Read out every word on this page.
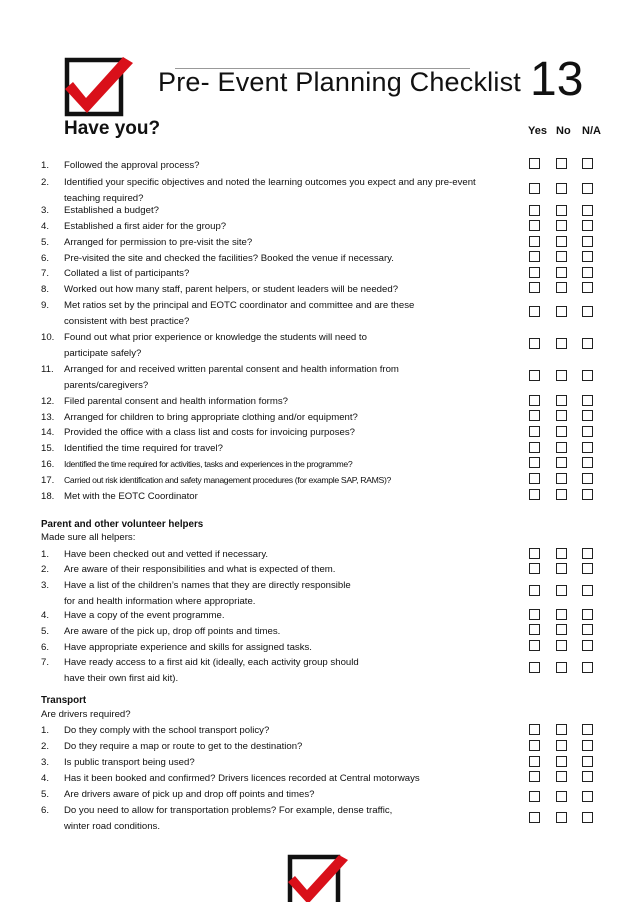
Pre- Event Planning Checklist 13
Have you?	Yes No N/A
1. Followed the approval process?
2. Identified your specific objectives and noted the learning outcomes you expect and any pre-event
teaching required?
3. Established a budget?
4. Established a first aider for the group?
5. Arranged for permission to pre-visit the site?
6. Pre-visited the site and checked the facilities? Booked the venue if necessary.
7. Collated a list of participants?
8. Worked out how many staff, parent helpers, or student leaders will be needed?
9. Met ratios set by the principal and EOTC coordinator and committee and are these
consistent with best practice?
10. Found out what prior experience or knowledge the students will need to
participate safely?
11. Arranged for and received written parental consent and health information from
parents/caregivers?
12. Filed parental consent and health information forms?
13. Arranged for children to bring appropriate clothing and/or equipment?
14. Provided the office with a class list and costs for invoicing purposes?
15. Identified the time required for travel?
16. Identified the time required for activities, tasks and experiences in the programme?
17. Carried out risk identification and safety management procedures (for example SAP, RAMS)?
18. Met with the EOTC Coordinator
Parent and other volunteer helpers
Made sure all helpers:
1. Have been checked out and vetted if necessary.
2. Are aware of their responsibilities and what is expected of them.
3. Have a list of the children’s names that they are directly responsible
for and health information where appropriate.
4. Have a copy of the event programme.
5. Are aware of the pick up, drop off points and times.
6. Have appropriate experience and skills for assigned tasks.
7. Have ready access to a first aid kit (ideally, each activity group should
have their own first aid kit).
Transport
Are drivers required?
1. Do they comply with the school transport policy?
2. Do they require a map or route to get to the destination?
3. Is public transport being used?
4. Has it been booked and confirmed? Drivers licences recorded at Central motorways
5. Are drivers aware of pick up and drop off points and times?
6. Do you need to allow for transportation problems? For example, dense traffic,
winter road conditions.
